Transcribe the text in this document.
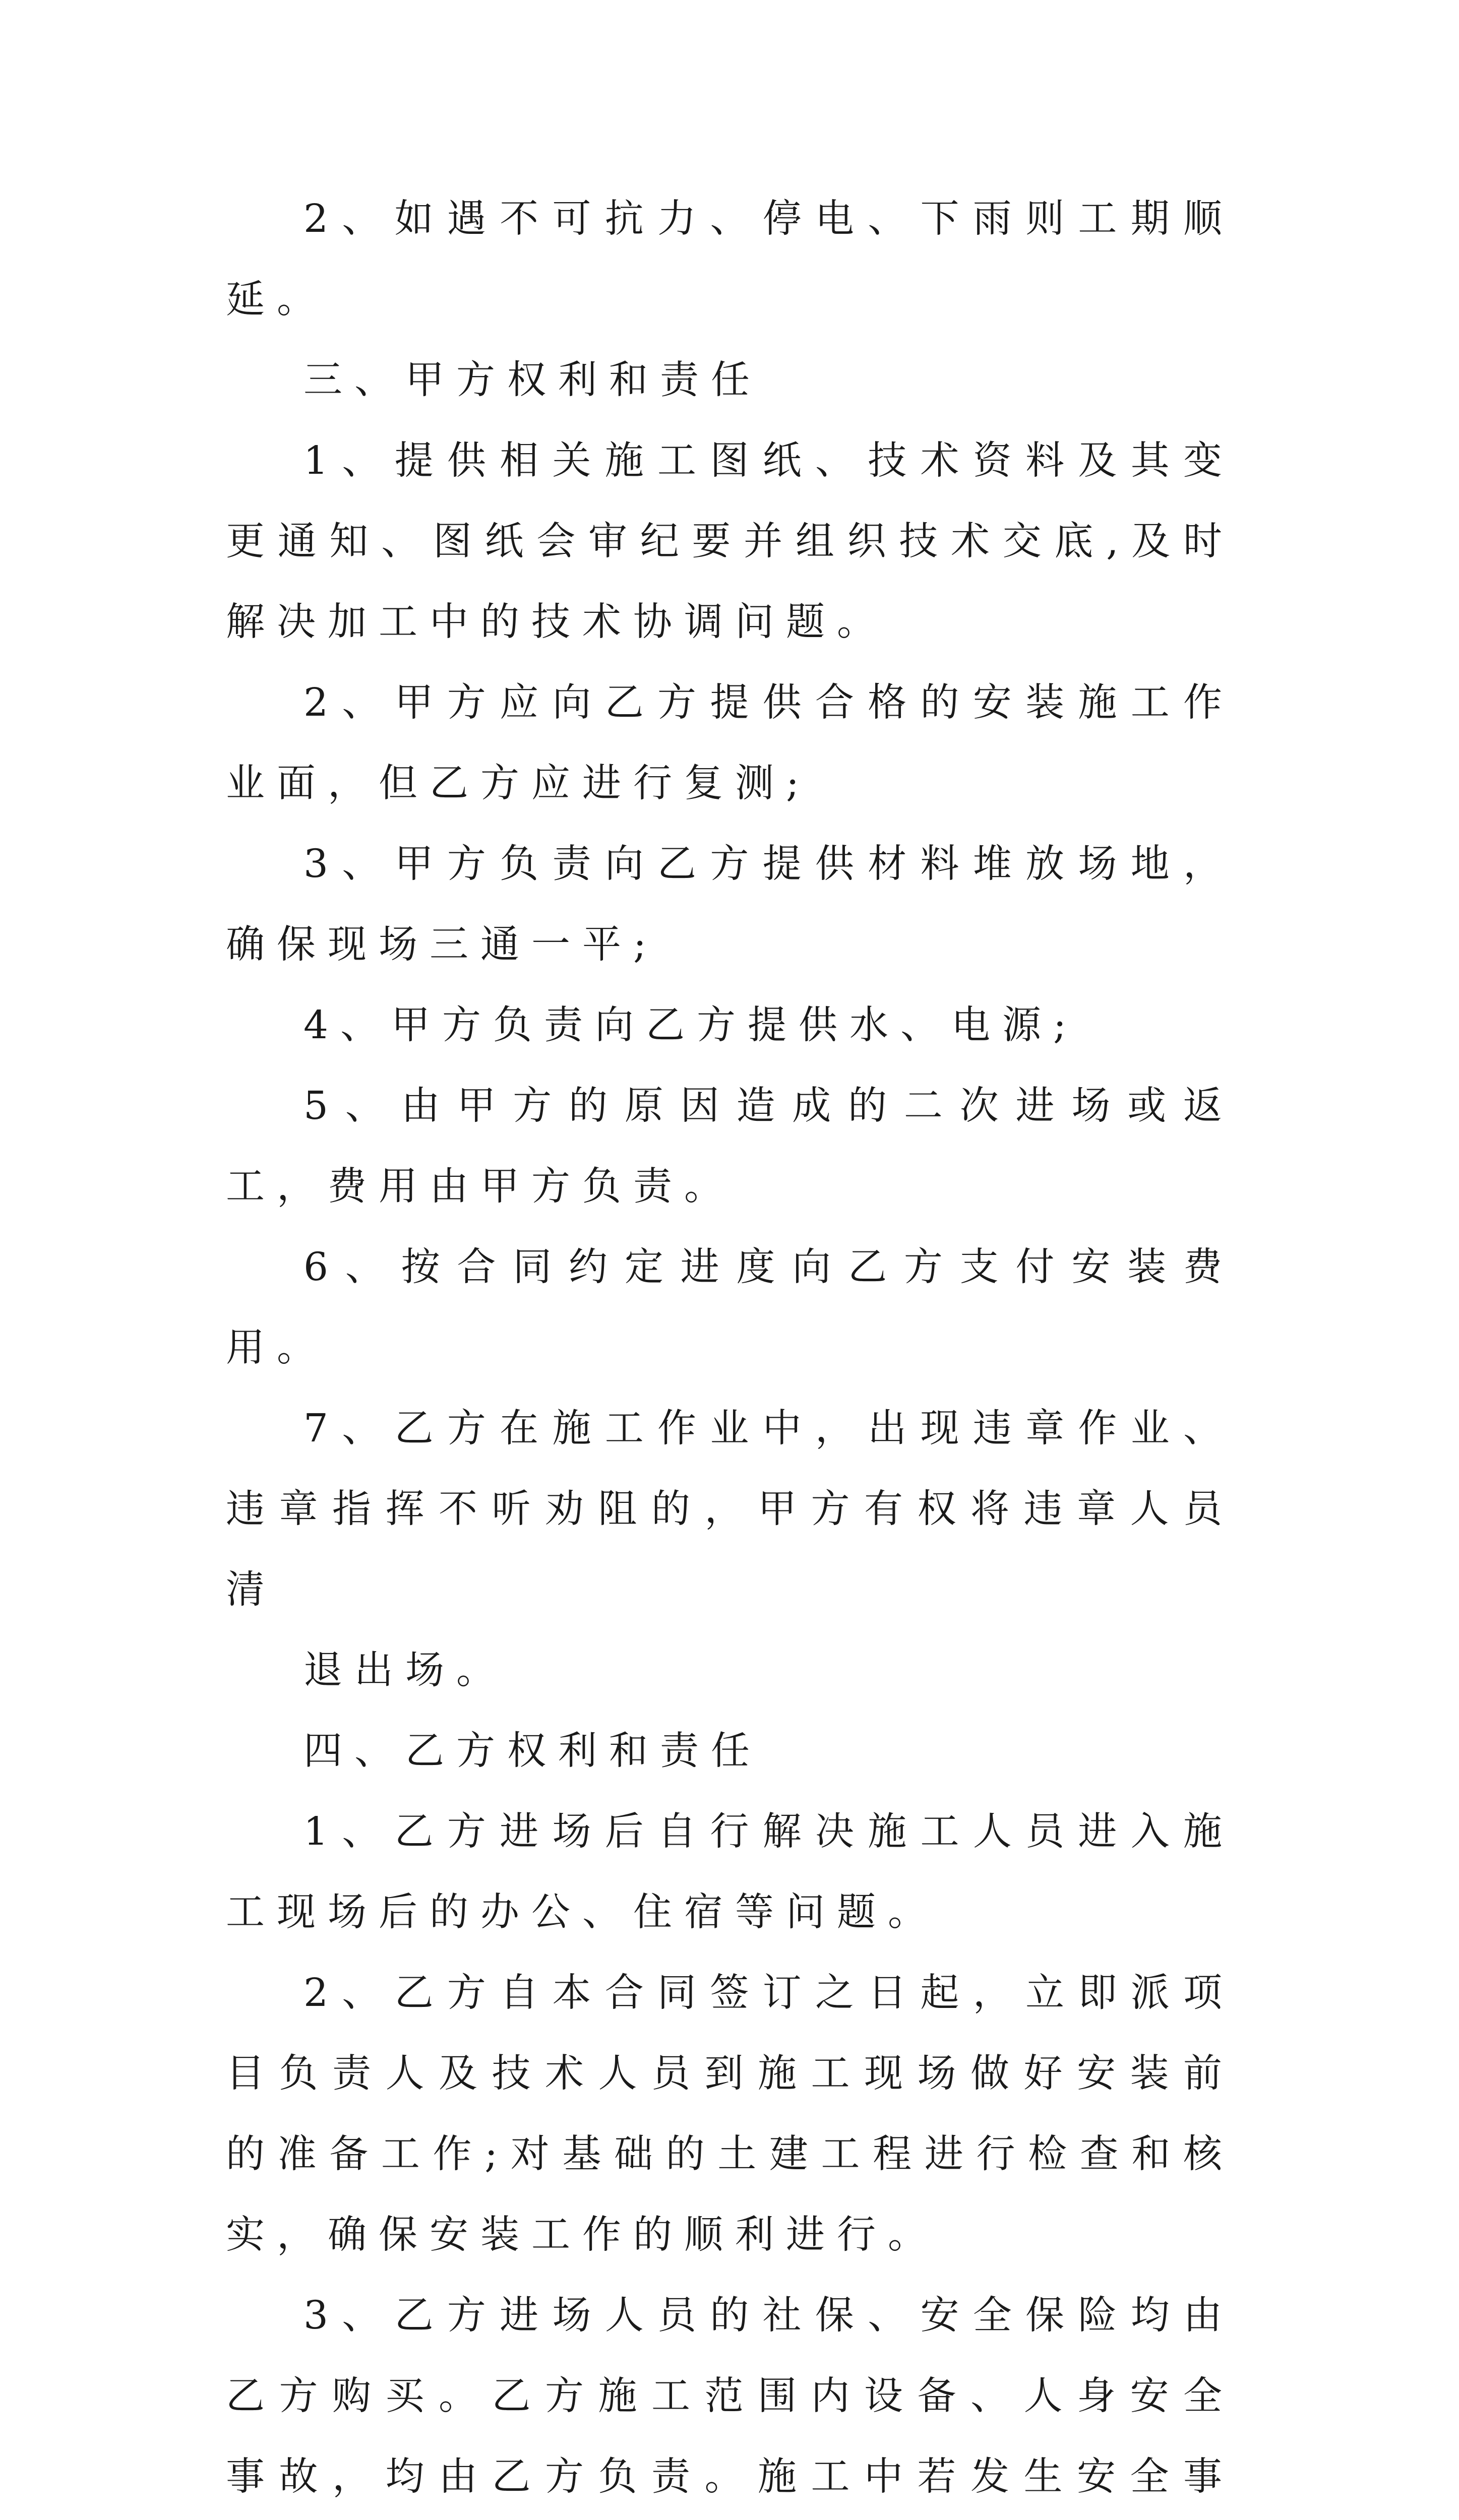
2、如遇不可抗力、停电、下雨则工期顺延。

三、甲方权利和责任

1、提供相关施工图纸、技术资料及其变更通知、图纸会审纪要并组织技术交底,及时解决加工中的技术协调问题。

2、甲方应向乙方提供合格的安装施工作业面，但乙方应进行复测;

3、甲方负责向乙方提供材料堆放场地，确保现场三通一平;

4、甲方负责向乙方提供水、电源;

5、由甲方的原因造成的二次进场或返工，费用由甲方负责。

6、按合同约定进度向乙方支付安装费用。

7、乙方在施工作业中，出现违章作业、违章指挥不听劝阻的，甲方有权将违章人员清

退出场。

四、乙方权利和责任

1、乙方进场后自行解决施工人员进入施工现场后的办公、住宿等问题。

2、乙方自本合同签订之日起，立即派项目负责人及技术人员到施工现场做好安装前的准备工作;对基础的土建工程进行检查和核实，确保安装工作的顺利进行。

3、乙方进场人员的社保、安全保险均由乙方购买。乙方施工范围内设备、人身安全事故，均由乙方负责。施工中若发生安全事
